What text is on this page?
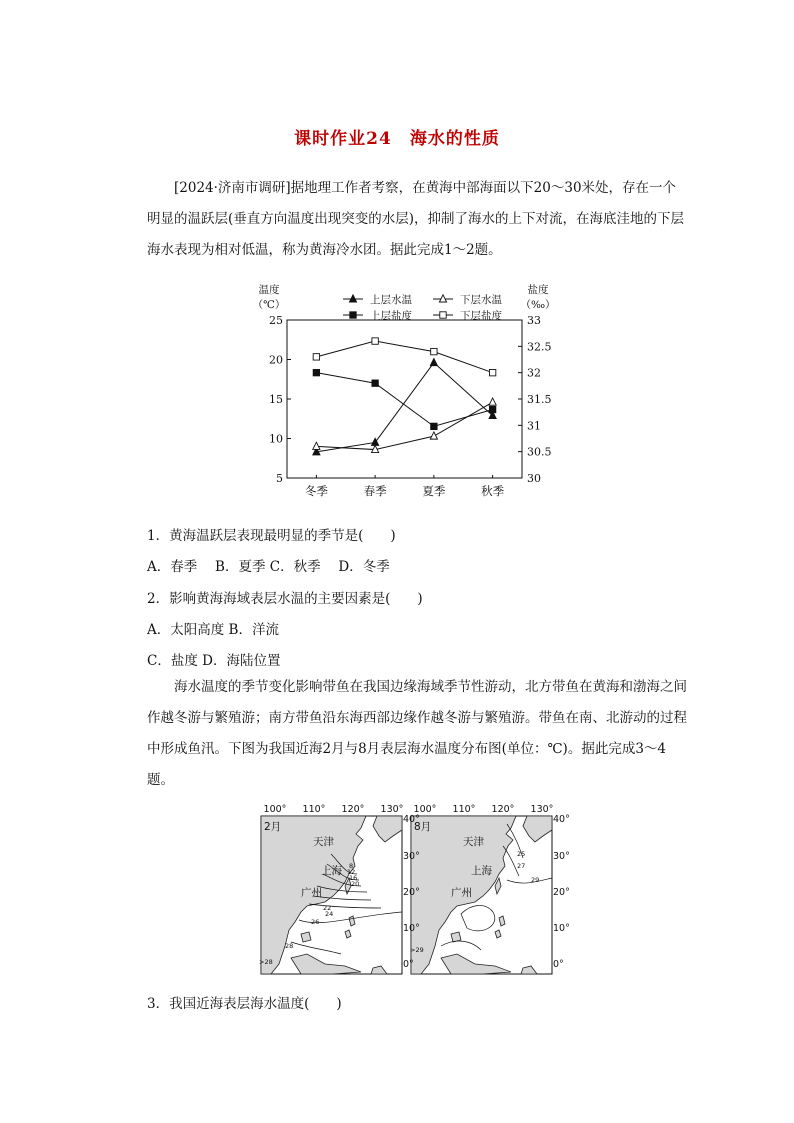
课时作业24　海水的性质

[2024·济南市调研]据地理工作者考察，在黄海中部海面以下20～30米处，存在一个明显的温跃层(垂直方向温度出现突变的水层)，抑制了海水的上下对流，在海底洼地的下层海水表现为相对低温，称为黄海冷水团。据此完成1～2题。

5
10
15
20
25
30
30.5
31
31.5
32
32.5
33
冬季	春季	夏季	秋季
温度
（℃）
盐度
（‰）
上层水温	下层水温
上层盐度	下层盐度
1．黄海温跃层表现最明显的季节是(　　)
A．春季　 B．夏季 C．秋季　 D．冬季
2．影响黄海海域表层水温的主要因素是(　　)
A．太阳高度 B．洋流
C．盐度 D．海陆位置

海水温度的季节变化影响带鱼在我国边缘海域季节性游动，北方带鱼在黄海和渤海之间作越冬游与繁殖游；南方带鱼沿东海西部边缘作越冬游与繁殖游。带鱼在南、北游动的过程中形成鱼汛。下图为我国近海2月与8月表层海水温度分布图(单位：℃)。据此完成3～4题。

100° 110° 120° 130°
40°
30°
20°
10°
0°
2月
天津
上海
广州
100° 110° 120° 130°
40°
30°
20°
10°
0°
8月
天津
上海
广州
8
12
16
20
22
24
26
28
>28
25
27
29
>29
3．我国近海表层海水温度(　　)
